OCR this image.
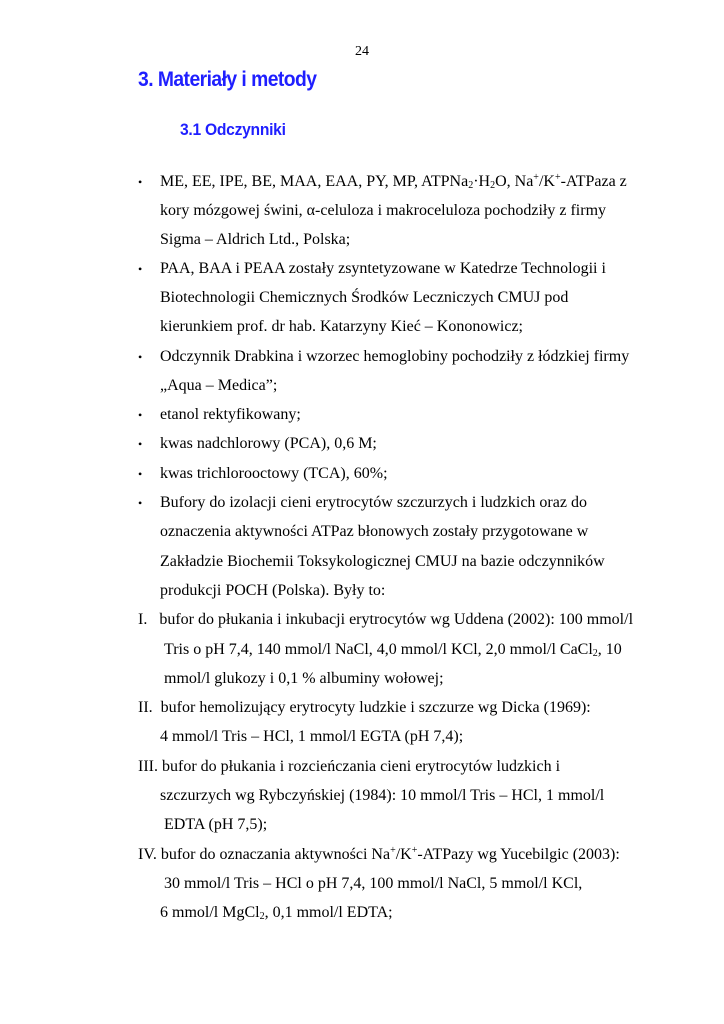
24
3. Materiały i metody
3.1 Odczynniki
• ME, EE, IPE, BE, MAA, EAA, PY, MP, $ATPNa_2\cdot H_2O$, Na+/K+-ATPaza z
kory mózgowej świni, α-celuloza i makroceluloza pochodziły z firmy
Sigma – Aldrich Ltd., Polska;
• PAA, BAA i PEAA zostały zsyntetyzowane w Katedrze Technologii i
Biotechnologii Chemicznych Środków Leczniczych CMUJ pod
kierunkiem prof. dr hab. Katarzyny Kieć – Kononowicz;
• Odczynnik Drabkina i wzorzec hemoglobiny pochodziły z łódzkiej firmy
„Aqua – Medica”;
• etanol rektyfikowany;
• kwas nadchlorowy (PCA), 0,6 M;
• kwas trichlorooctowy (TCA), 60%;
• Bufory do izolacji cieni erytrocytów szczurzych i ludzkich oraz do
oznaczenia aktywności ATPaz błonowych zostały przygotowane w
Zakładzie Biochemii Toksykologicznej CMUJ na bazie odczynników
produkcji POCH (Polska). Były to:
I.   bufor do płukania i inkubacji erytrocytów wg Uddena (2002): 100 mmol/l
Tris o pH 7,4, 140 mmol/l NaCl, 4,0 mmol/l KCl, 2,0 mmol/l CaCl$_2$, 10
mmol/l glukozy i 0,1 % albuminy wołowej;
II.  bufor hemolizujący erytrocyty ludzkie i szczurze wg Dicka (1969):
4 mmol/l Tris – HCl, 1 mmol/l EGTA (pH 7,4);
III. bufor do płukania i rozcieńczania cieni erytrocytów ludzkich i
szczurzych wg Rybczyńskiej (1984): 10 mmol/l Tris – HCl, 1 mmol/l
EDTA (pH 7,5);
IV. bufor do oznaczania aktywności Na+/K+-ATPazy wg Yucebilgic (2003):
30 mmol/l Tris – HCl o pH 7,4, 100 mmol/l NaCl, 5 mmol/l KCl,
6 mmol/l MgCl$_2$, 0,1 mmol/l EDTA;
